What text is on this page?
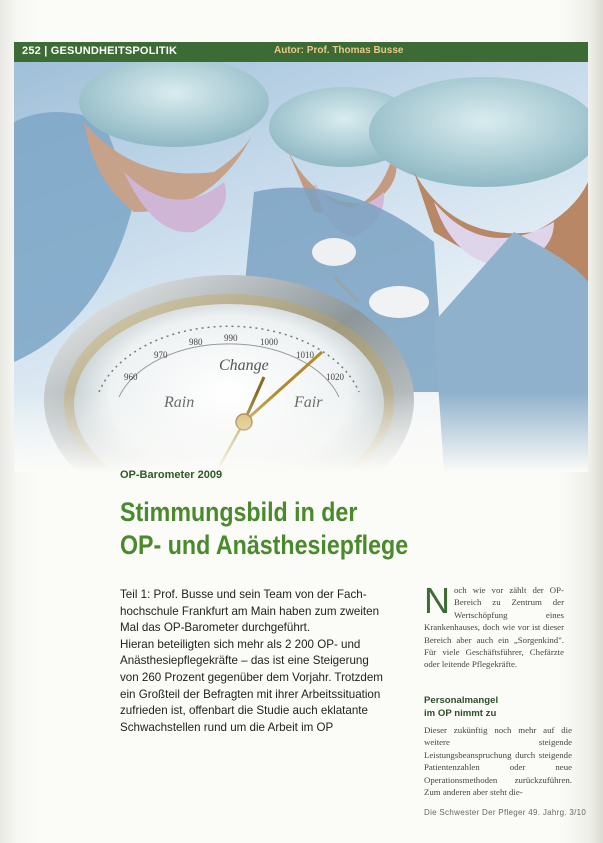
252 | GESUNDHEITSPOLITIK	Autor: Prof. Thomas Busse
960
970
980 990	1000
1010
1020
Change
OP-Barometer 2009
Stimmungsbild in der
OP- und Anästhesiepflege

Teil 1: Prof. Busse und sein Team von der Fach-

hochschule Frankfurt am Main haben zum zweiten

Mal das OP-Barometer durchgeführt.

Hieran beteiligten sich mehr als 2 200 OP- und

Anästhesiepflegekräfte – das ist eine Steigerung

von 260 Prozent gegenüber dem Vorjahr. Trotzdem

ein Großteil der Befragten mit ihrer Arbeitssituation

zufrieden ist, offenbart die Studie auch eklatante

Schwachstellen rund um die Arbeit im OP

N och wie vor zählt der OP-Bereich zu Zentrum der Wertschöpfung eines Krankenhauses, doch wie vor ist dieser Bereich aber auch ein „Sorgenkind". Für viele Geschäftsführer, Chefärzte oder leitende Pflegekräfte.

Personalmangel
im OP nimmt zu

Dieser zukünftig noch mehr auf die weitere steigende Leistungsbeanspruchung durch steigende Patientenzahlen oder neue Operationsmethoden zurückzuführen. Zum anderen aber steht die-

Die Schwester Der Pfleger 49. Jahrg. 3/10
